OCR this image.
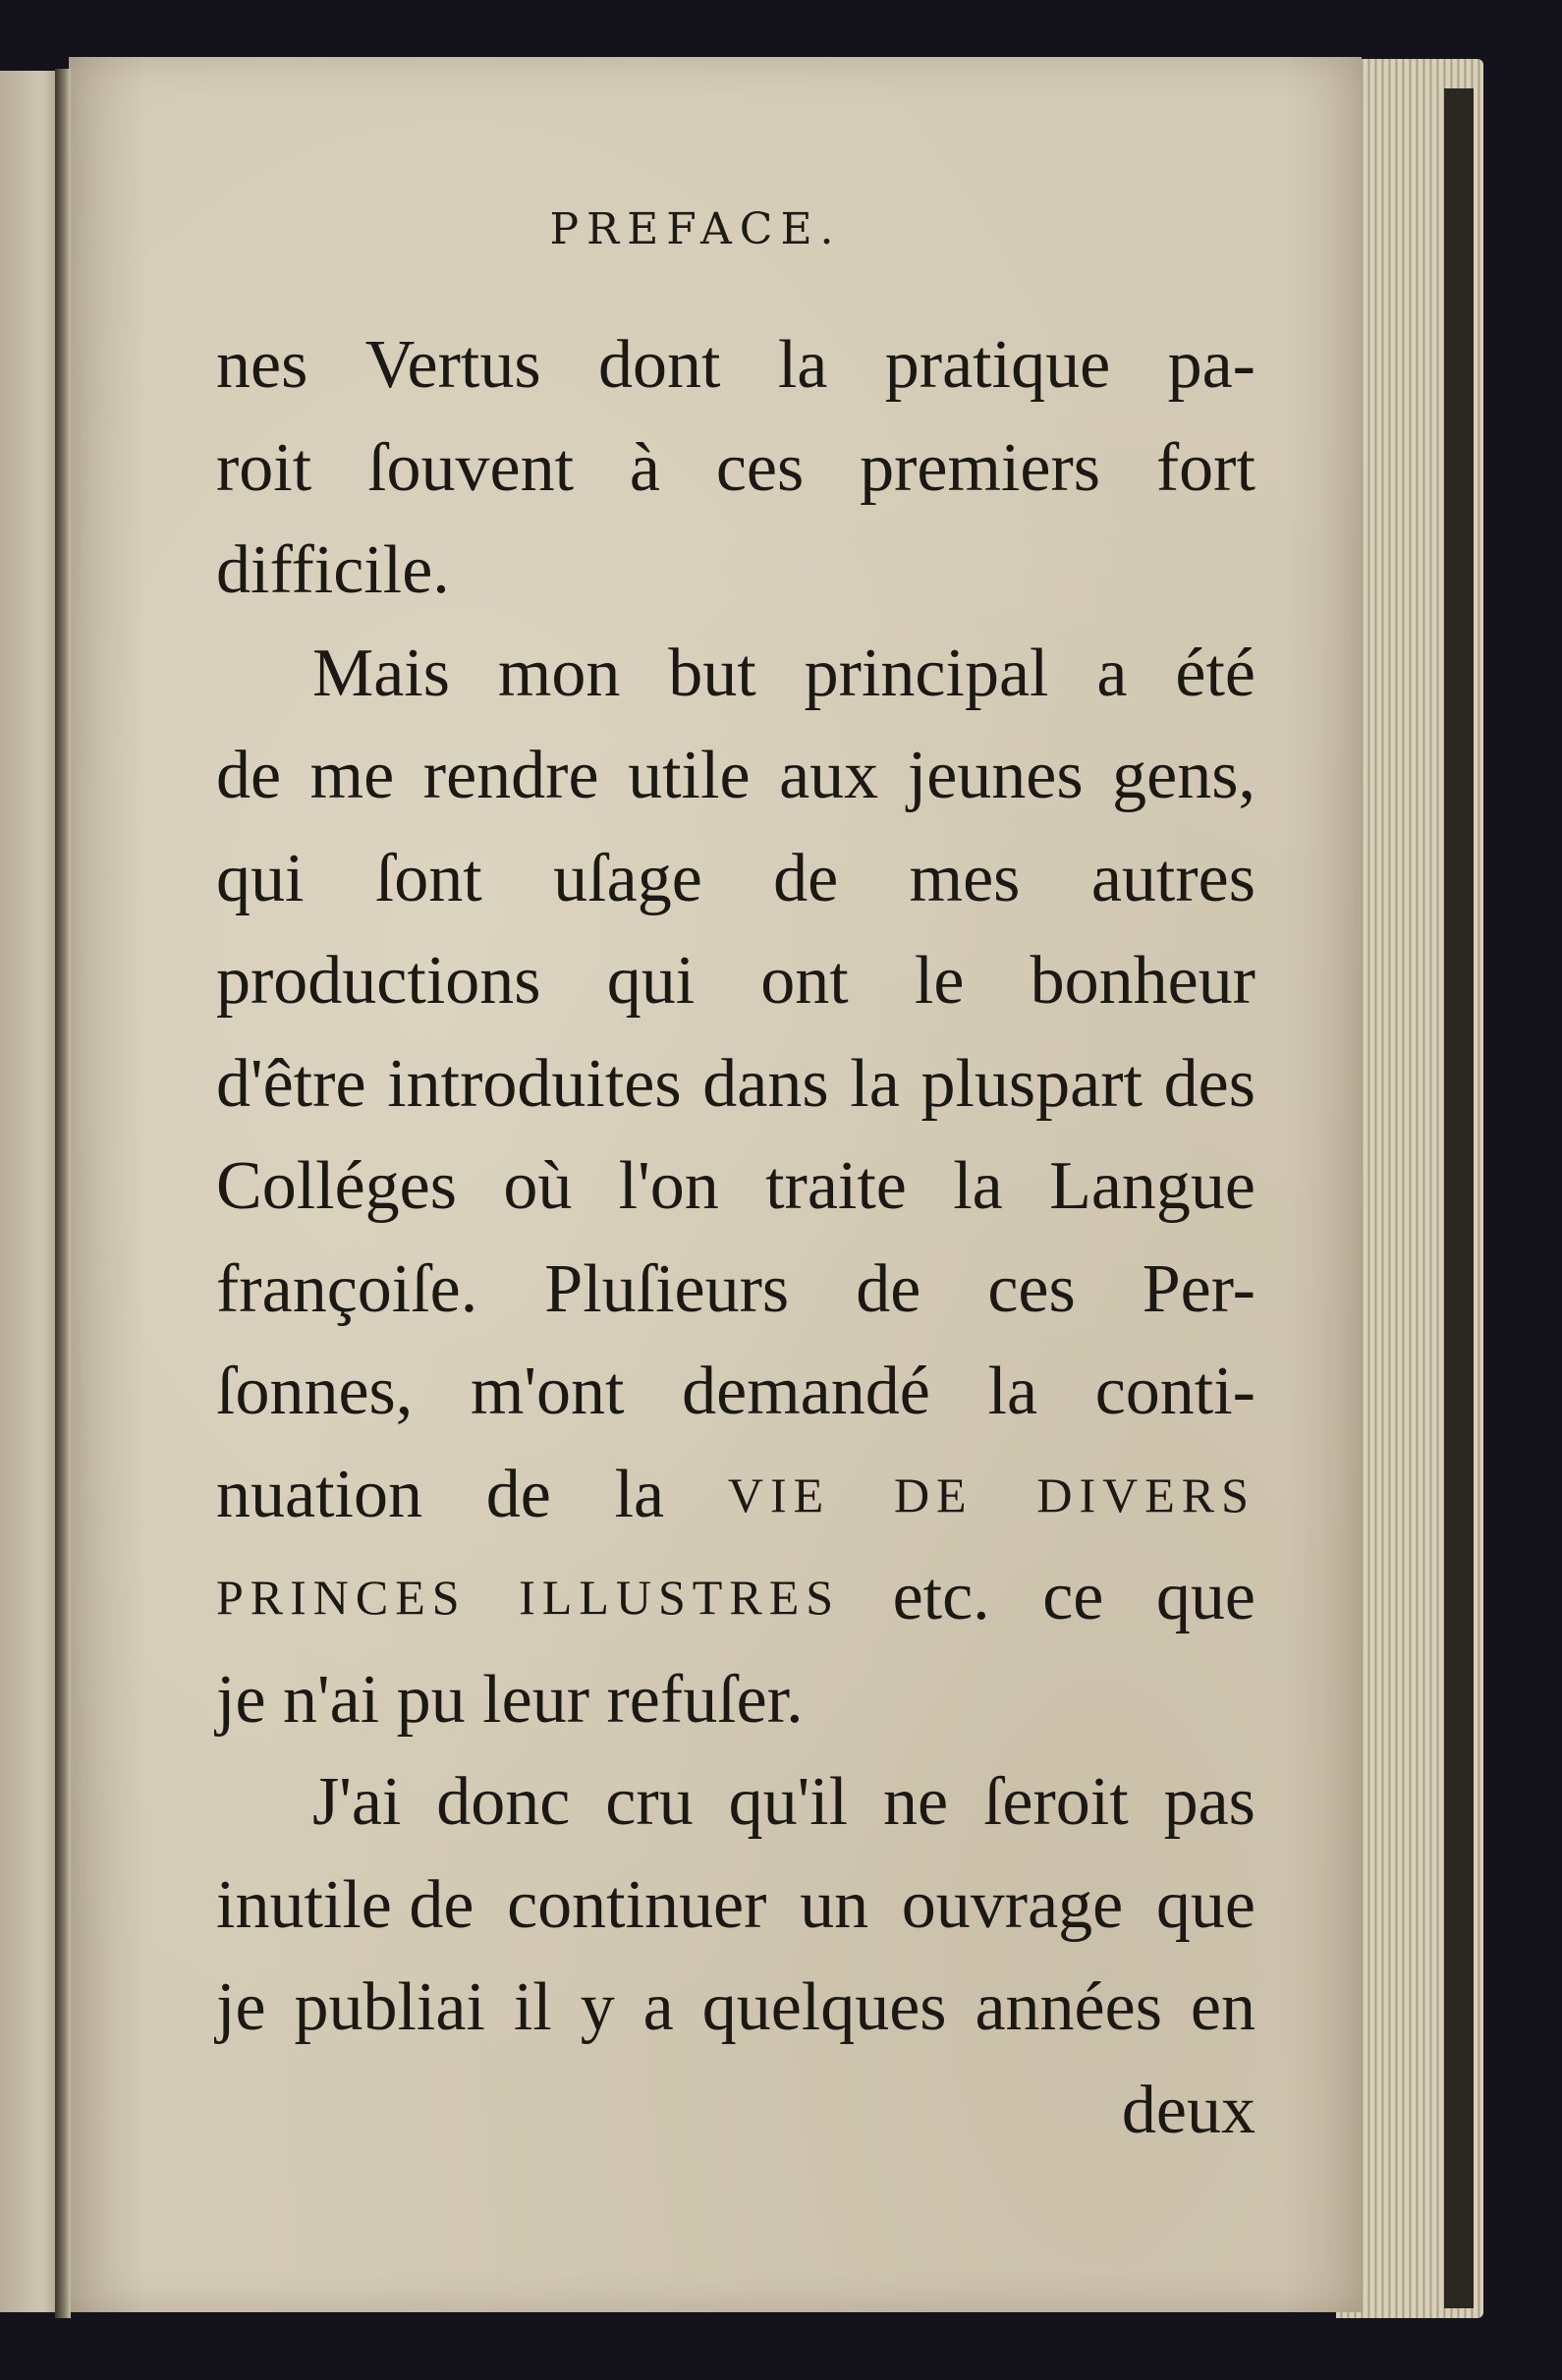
PREFACE.
nes Vertus dont la pratique pa-
roit ſouvent à ces premiers fort
difficile.
Mais mon but principal a été
de me rendre utile aux jeunes gens,
qui ſont uſage de mes autres
productions qui ont le bonheur
d'être introduites dans la pluspart des
Colléges où l'on traite la Langue
françoiſe. Pluſieurs de ces Per-
ſonnes, m'ont demandé la conti-
nuation de la VIE DE DIVERS
PRINCES ILLUSTRES etc. ce que
je
n'ai
pu
leur
refuſer.
J'ai donc cru qu'il ne ſeroit pas
inutile de continuer un ouvrage que
je publiai il y a quelques années en
deux
